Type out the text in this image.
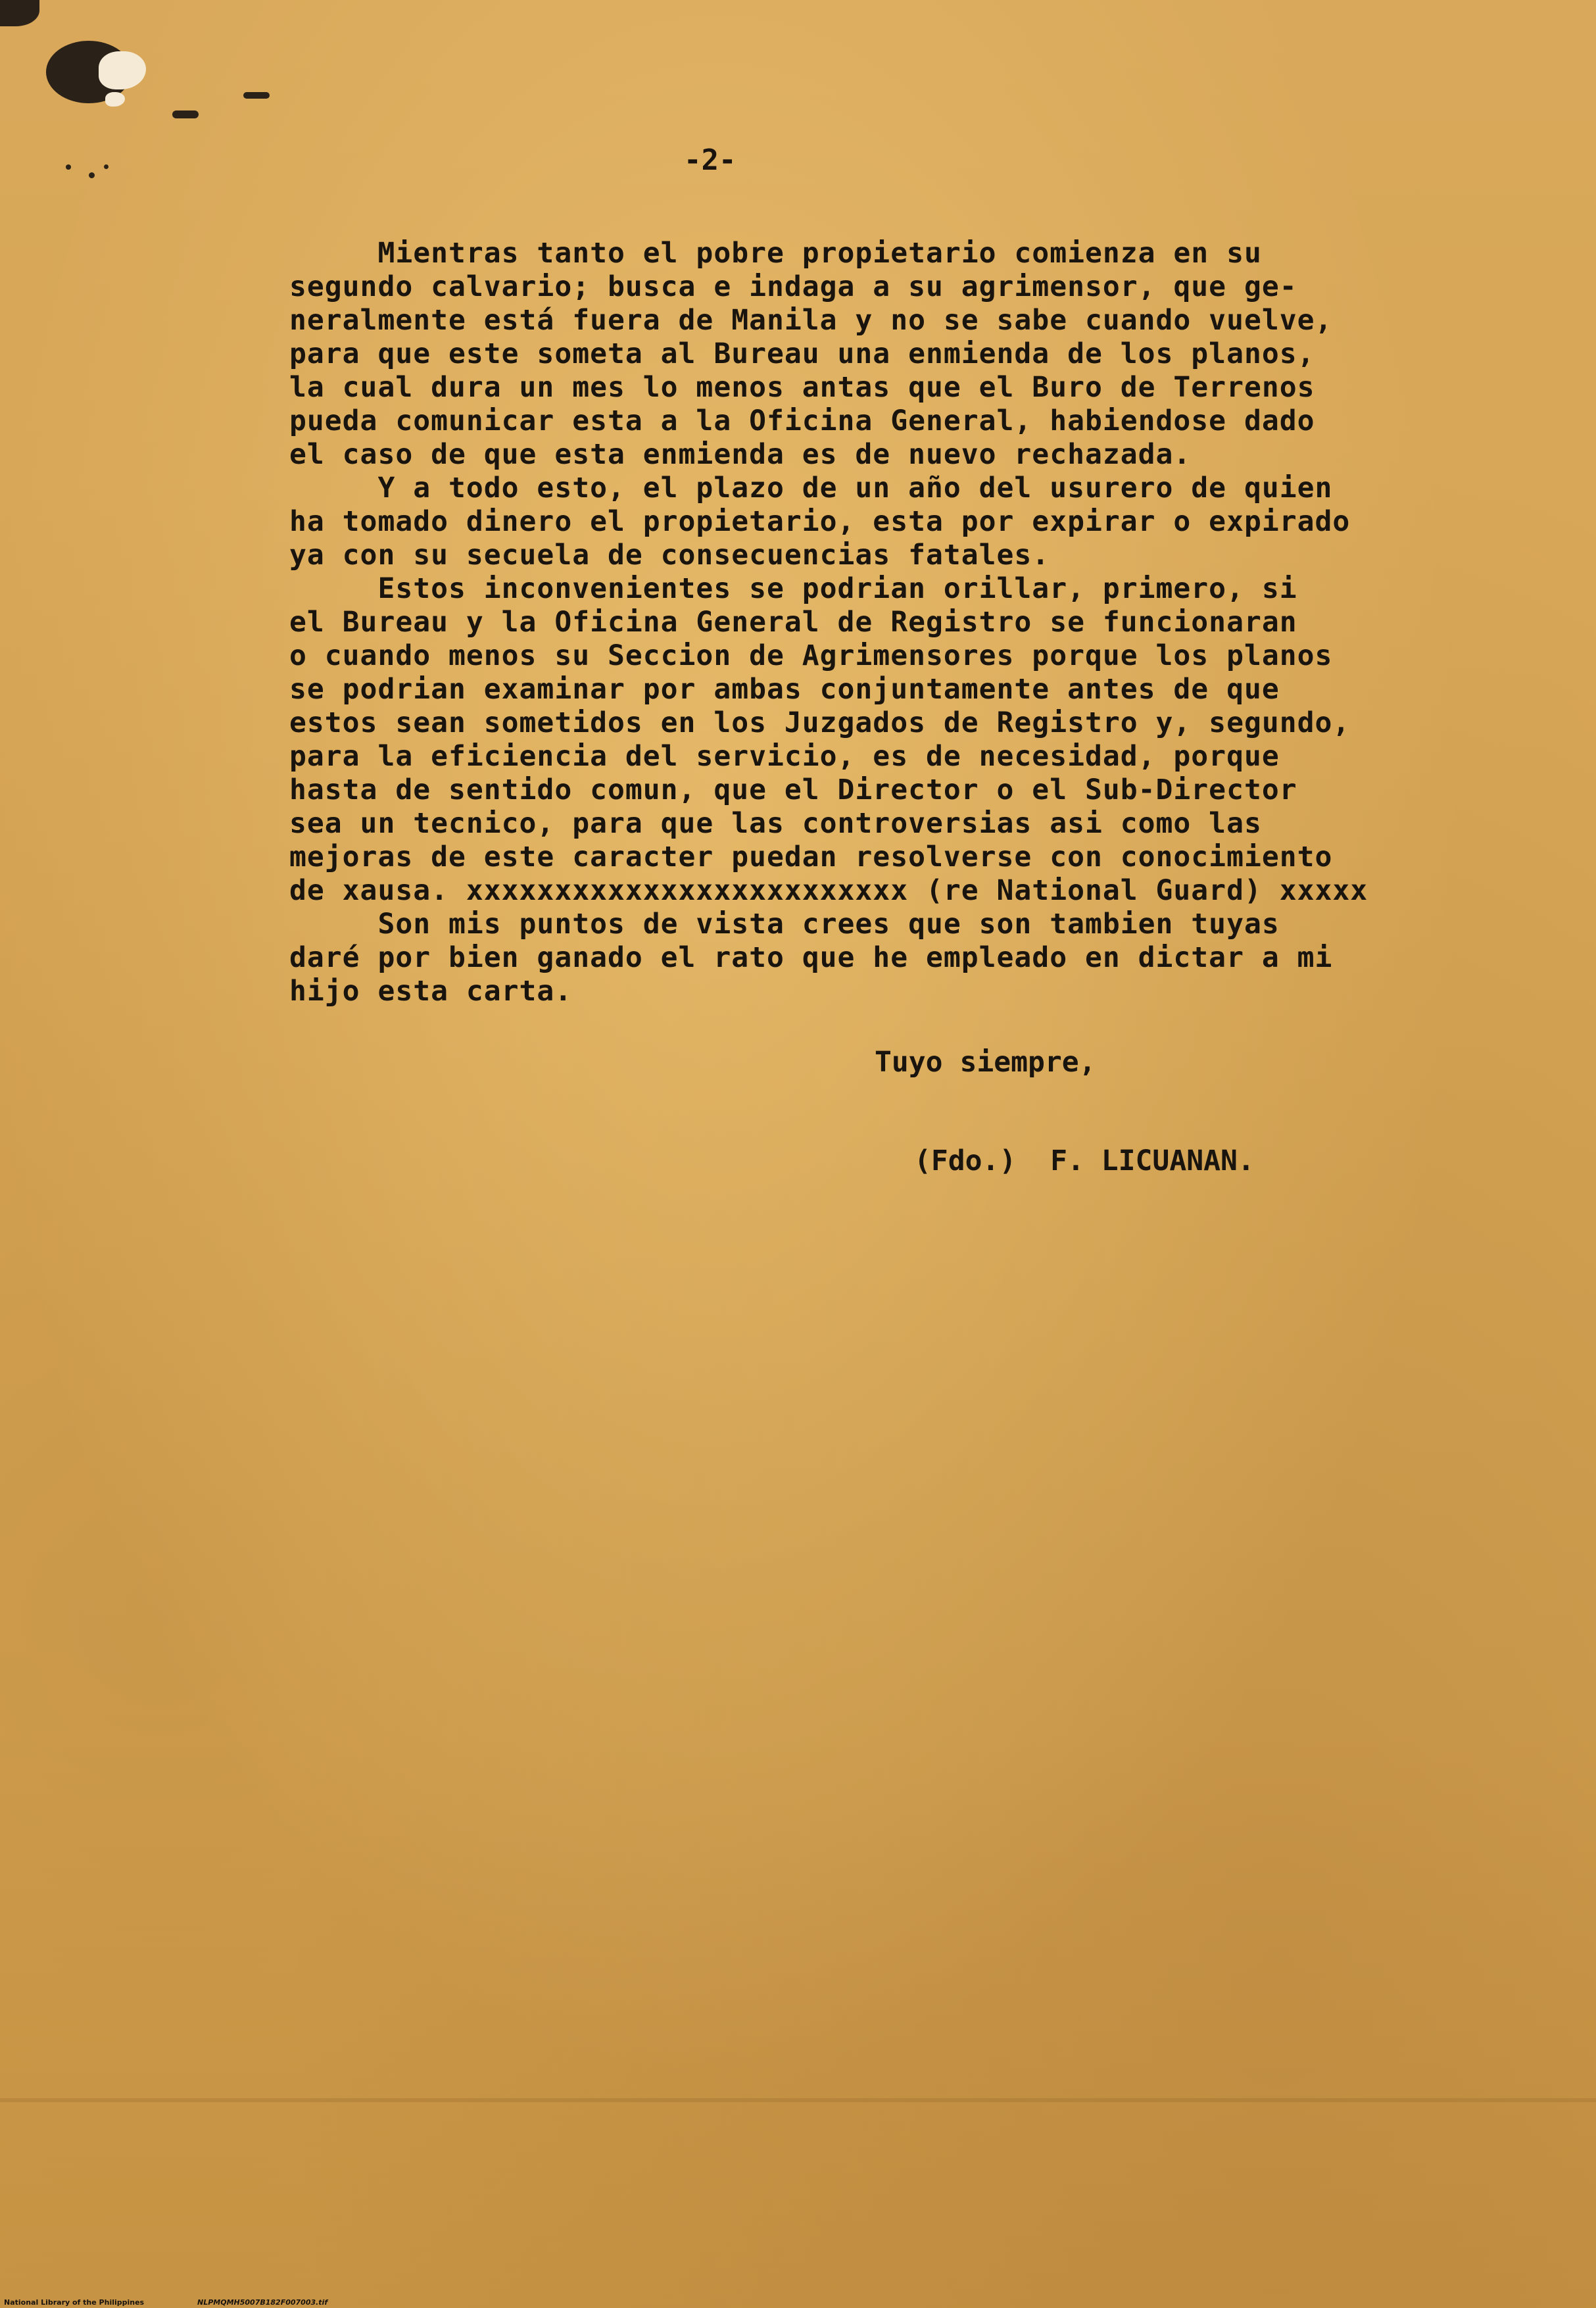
-2-
Mientras tanto el pobre propietario comienza en su
segundo calvario; busca e indaga a su agrimensor, que ge-
neralmente está fuera de Manila y no se sabe cuando vuelve,
para que este someta al Bureau una enmienda de los planos,
la cual dura un mes lo menos antas que el Buro de Terrenos
pueda comunicar esta a la Oficina General, habiendose dado
el caso de que esta enmienda es de nuevo rechazada.
Y a todo esto, el plazo de un año del usurero de quien
ha tomado dinero el propietario, esta por expirar o expirado
ya con su secuela de consecuencias fatales.
Estos inconvenientes se podrian orillar, primero, si
el Bureau y la Oficina General de Registro se funcionaran
o cuando menos su Seccion de Agrimensores porque los planos
se podrian examinar por ambas conjuntamente antes de que
estos sean sometidos en los Juzgados de Registro y, segundo,
para la eficiencia del servicio, es de necesidad, porque
hasta de sentido comun, que el Director o el Sub-Director
sea un tecnico, para que las controversias asi como las
mejoras de este caracter puedan resolverse con conocimiento
de xausa. xxxxxxxxxxxxxxxxxxxxxxxxx (re National Guard) xxxxx
Son mis puntos de vista crees que son tambien tuyas
daré por bien ganado el rato que he empleado en dictar a mi
hijo esta carta.
Tuyo siempre,
(Fdo.)  F. LICUANAN.
National Library of the Philippines	NLPMQMH5007B182F007003.tif
